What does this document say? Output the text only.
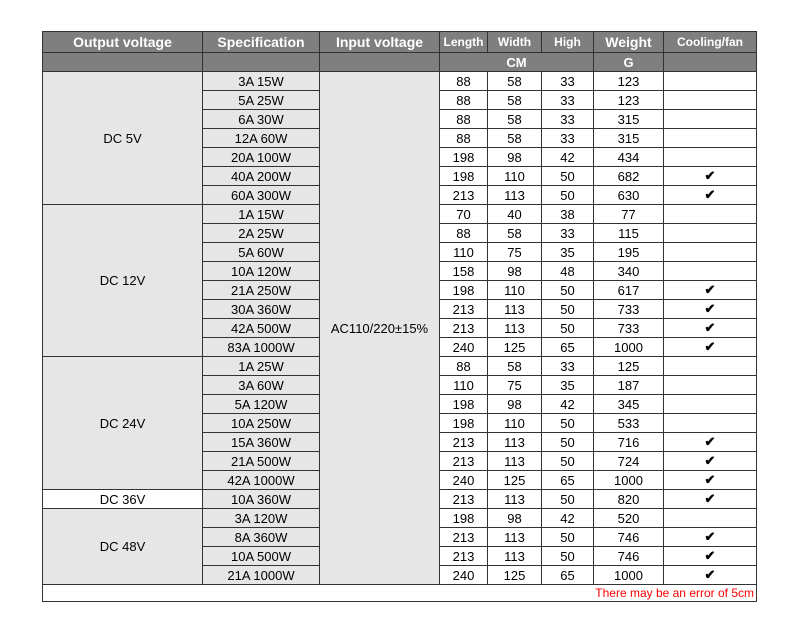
Output voltage	Specification	Input voltage	Length	Width	High	Weight	Cooling/fan
			CM			G	
DC 5V	3A 15W	AC110/220±15%	88	58	33	123	
	5A 25W		88	58	33	123	
	6A 30W		88	58	33	315	
	12A 60W		88	58	33	315	
	20A 100W		198	98	42	434	
	40A 200W		198	110	50	682	✔
	60A 300W		213	113	50	630	✔
DC 12V	1A 15W		70	40	38	77	
	2A 25W		88	58	33	115	
	5A 60W		110	75	35	195	
	10A 120W		158	98	48	340	
	21A 250W		198	110	50	617	✔
	30A 360W		213	113	50	733	✔
	42A 500W		213	113	50	733	✔
	83A 1000W		240	125	65	1000	✔
DC 24V	1A 25W		88	58	33	125	
	3A 60W		110	75	35	187	
	5A 120W		198	98	42	345	
	10A 250W		198	110	50	533	
	15A 360W		213	113	50	716	✔
	21A 500W		213	113	50	724	✔
	42A 1000W		240	125	65	1000	✔
DC 36V	10A 360W		213	113	50	820	✔
DC 48V	3A 120W		198	98	42	520	
	8A 360W		213	113	50	746	✔
	10A 500W		213	113	50	746	✔
	21A 1000W		240	125	65	1000	✔
There may be an error of 5cm							
